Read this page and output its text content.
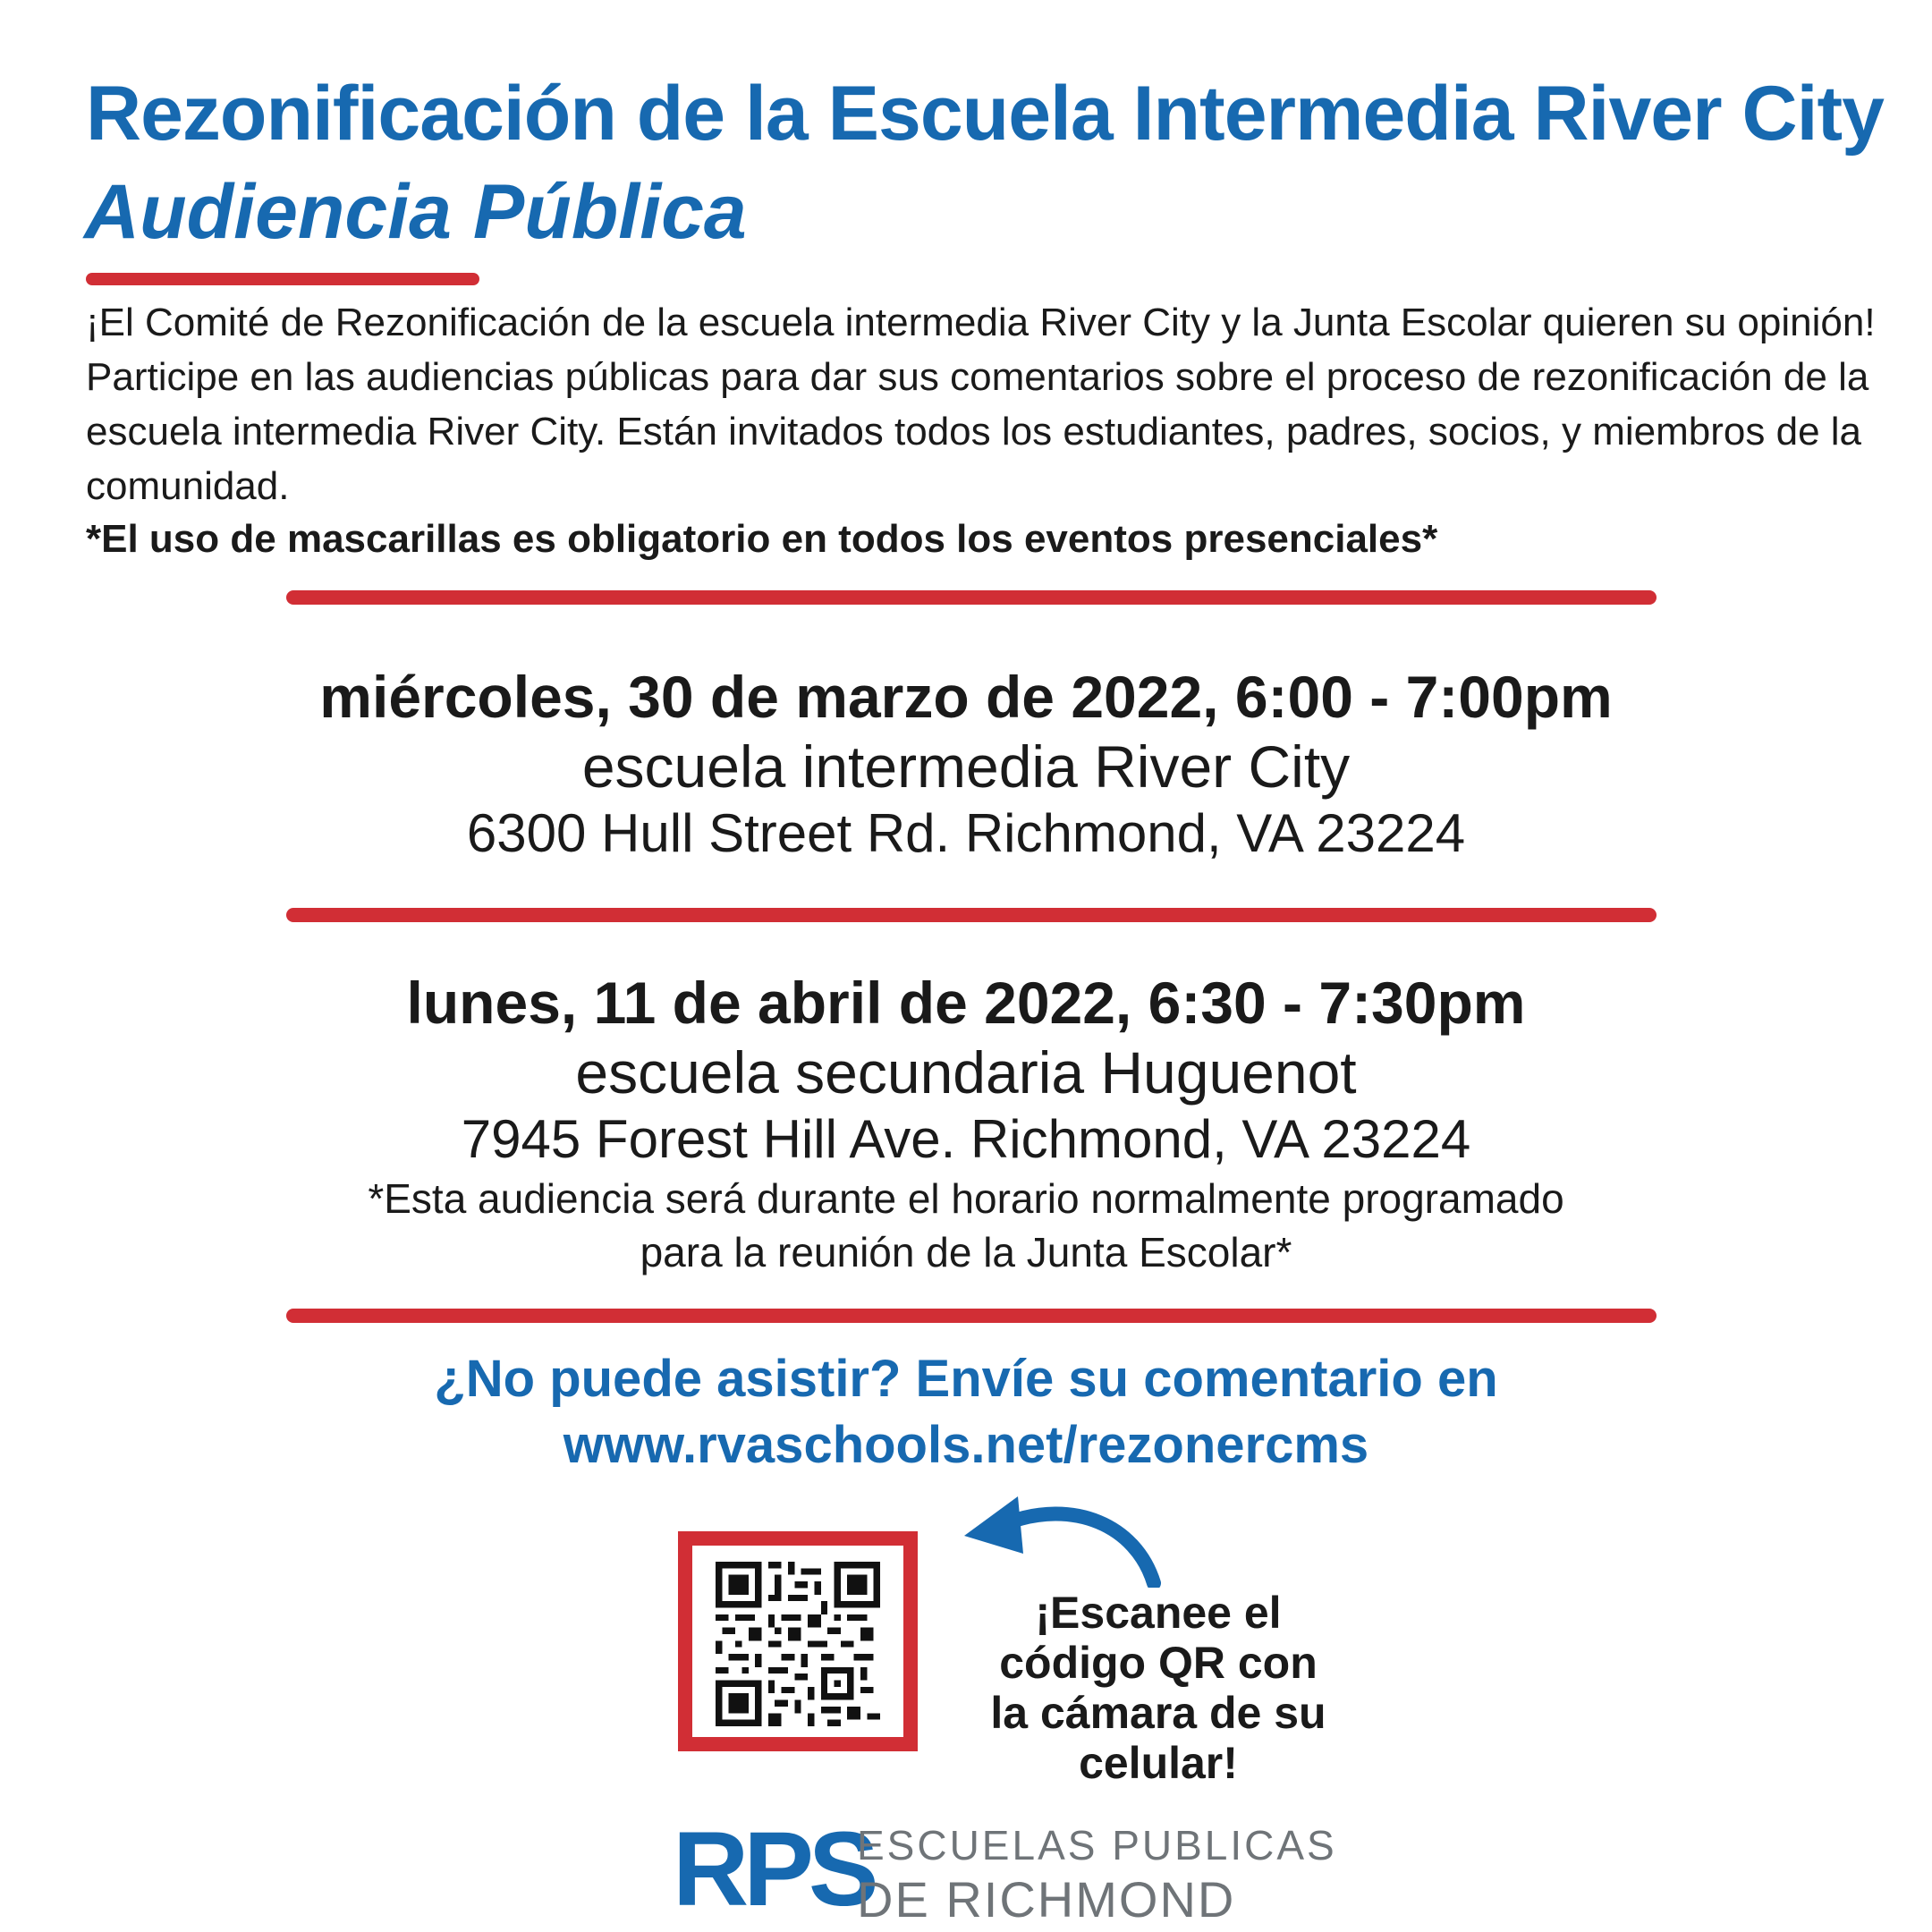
Rezonificación de la Escuela Intermedia River City
Audiencia Pública

¡El Comité de Rezonificación de la escuela intermedia River City y la Junta Escolar quieren su opinión! Participe en las audiencias públicas para dar sus comentarios sobre el proceso de rezonificación de la escuela intermedia River City. Están invitados todos los estudiantes, padres, socios, y miembros de la comunidad.

*El uso de mascarillas es obligatorio en todos los eventos presenciales*

miércoles, 30 de marzo de 2022, 6:00 - 7:00pm

escuela intermedia River City

6300 Hull Street Rd. Richmond, VA 23224

lunes, 11 de abril de 2022, 6:30 - 7:30pm

escuela secundaria Huguenot

7945 Forest Hill Ave. Richmond, VA 23224

*Esta audiencia será durante el horario normalmente programado

para la reunión de la Junta Escolar*

¿No puede asistir? Envíe su comentario en
www.rvaschools.net/rezonercms
¡Escanee el
código QR con
la cámara de su
celular!
RPS
ESCUELAS PUBLICAS
DE RICHMOND
